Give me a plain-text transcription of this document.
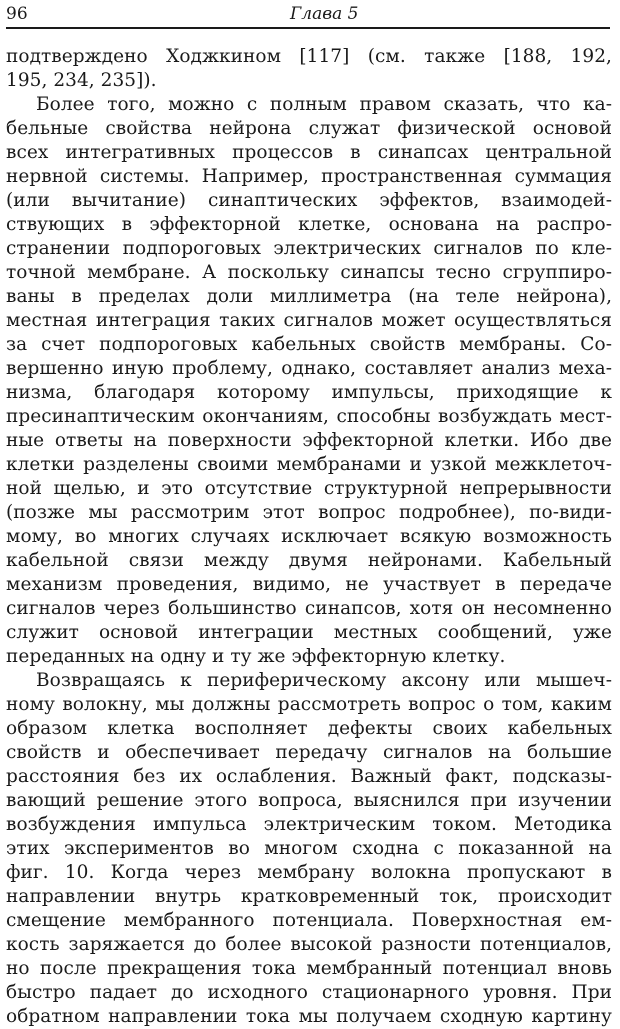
96	Глава 5
подтверждено Ходжкином [117] (см. также [188, 192,
195, 234, 235]).
Более того, можно с полным правом сказать, что ка-
бельные свойства нейрона служат физической основой
всех интегративных процессов в синапсах центральной
нервной системы. Например, пространственная суммация
(или вычитание) синаптических эффектов, взаимодей-
ствующих в эффекторной клетке, основана на распро-
странении подпороговых электрических сигналов по кле-
точной мембране. А поскольку синапсы тесно сгруппиро-
ваны в пределах доли миллиметра (на теле нейрона),
местная интеграция таких сигналов может осуществляться
за счет подпороговых кабельных свойств мембраны. Со-
вершенно иную проблему, однако, составляет анализ меха-
низма, благодаря которому импульсы, приходящие к
пресинаптическим окончаниям, способны возбуждать мест-
ные ответы на поверхности эффекторной клетки. Ибо две
клетки разделены своими мембранами и узкой межклеточ-
ной щелью, и это отсутствие структурной непрерывности
(позже мы рассмотрим этот вопрос подробнее), по-види-
мому, во многих случаях исключает всякую возможность
кабельной связи между двумя нейронами. Кабельный
механизм проведения, видимо, не участвует в передаче
сигналов через большинство синапсов, хотя он несомненно
служит основой интеграции местных сообщений, уже
переданных на одну и ту же эффекторную клетку.
Возвращаясь к периферическому аксону или мышеч-
ному волокну, мы должны рассмотреть вопрос о том, каким
образом клетка восполняет дефекты своих кабельных
свойств и обеспечивает передачу сигналов на большие
расстояния без их ослабления. Важный факт, подсказы-
вающий решение этого вопроса, выяснился при изучении
возбуждения импульса электрическим током. Методика
этих экспериментов во многом сходна с показанной на
фиг. 10. Когда через мембрану волокна пропускают в
направлении внутрь кратковременный ток, происходит
смещение мембранного потенциала. Поверхностная ем-
кость заряжается до более высокой разности потенциалов,
но после прекращения тока мембранный потенциал вновь
быстро падает до исходного стационарного уровня. При
обратном направлении тока мы получаем сходную картину
